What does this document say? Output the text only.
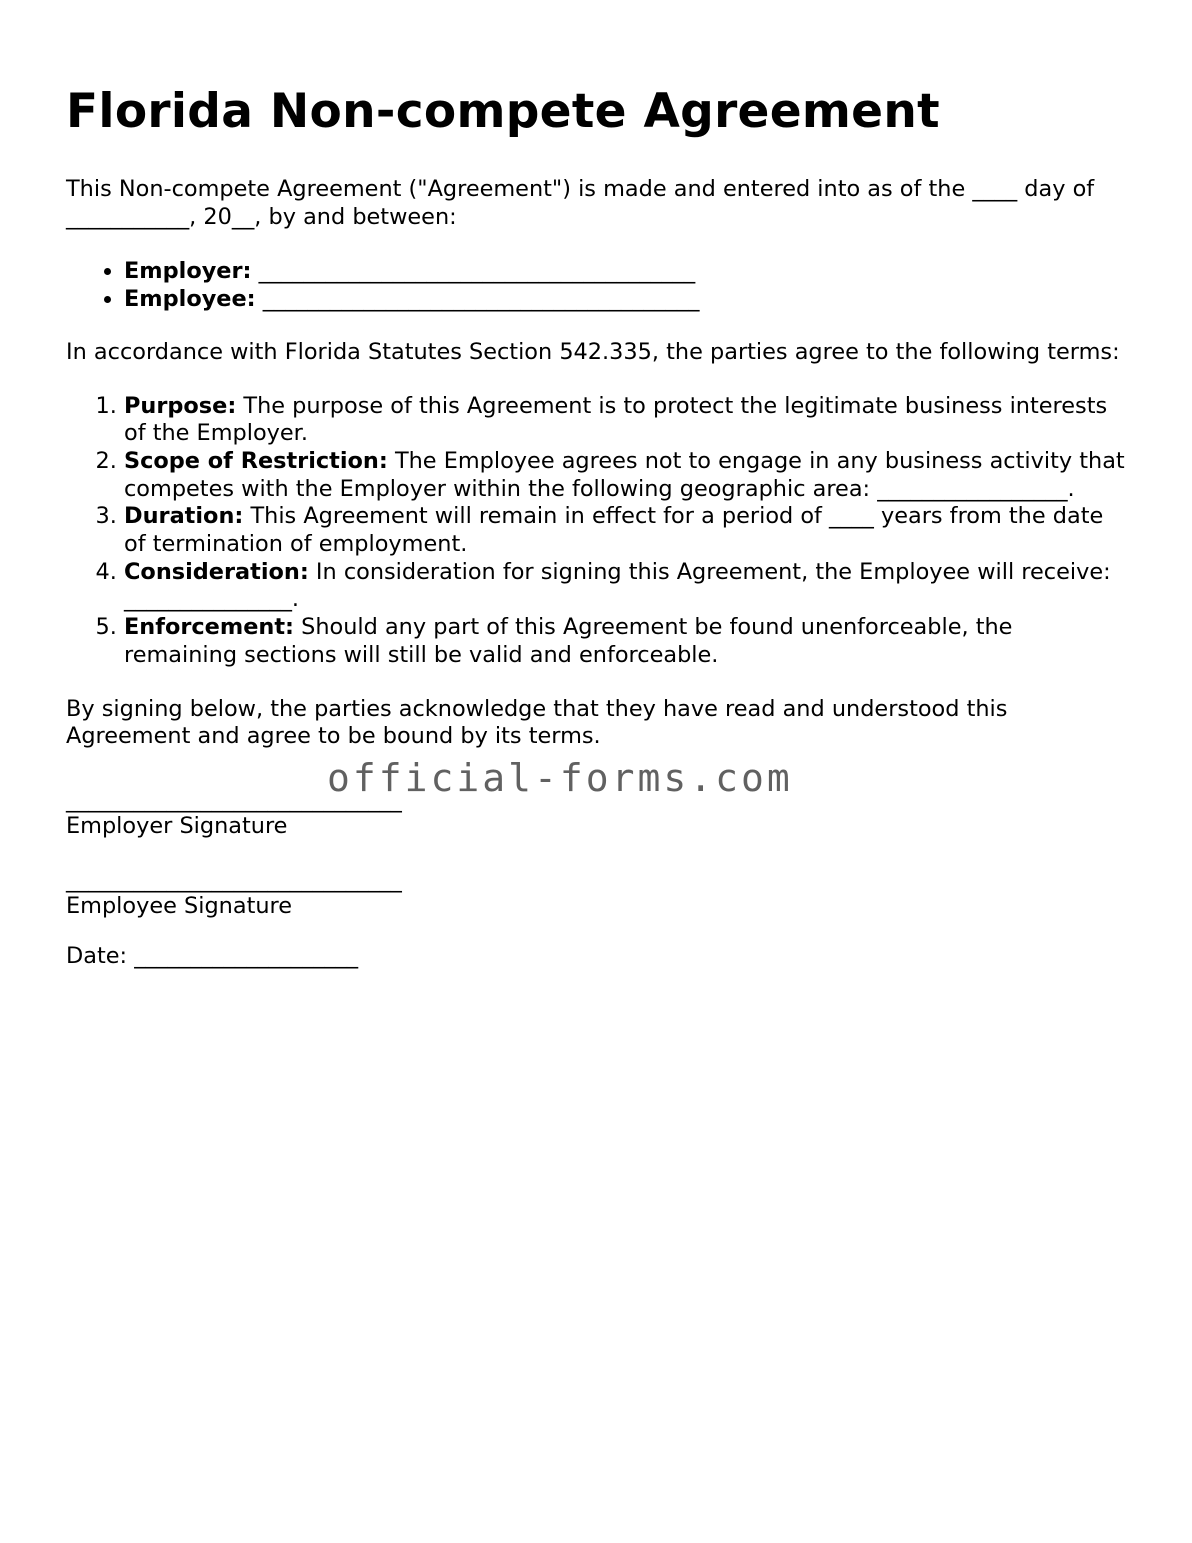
Florida Non-compete Agreement

This Non-compete Agreement ("Agreement") is made and entered into as of the ____ day of ___________, 20__, by and between:

• Employer: _______________________________________
• Employee: _______________________________________

In accordance with Florida Statutes Section 542.335, the parties agree to the following terms:

1. Purpose: The purpose of this Agreement is to protect the legitimate business interests of the Employer.
2. Scope of Restriction: The Employee agrees not to engage in any business activity that competes with the Employer within the following geographic area: _________________.
3. Duration: This Agreement will remain in effect for a period of ____ years from the date of termination of employment.
4. Consideration: In consideration for signing this Agreement, the Employee will receive: _______________.
5. Enforcement: Should any part of this Agreement be found unenforceable, the remaining sections will still be valid and enforceable.

By signing below, the parties acknowledge that they have read and understood this Agreement and agree to be bound by its terms.

______________________________
Employer Signature
______________________________
Employee Signature
Date: ____________________
official-forms.com
